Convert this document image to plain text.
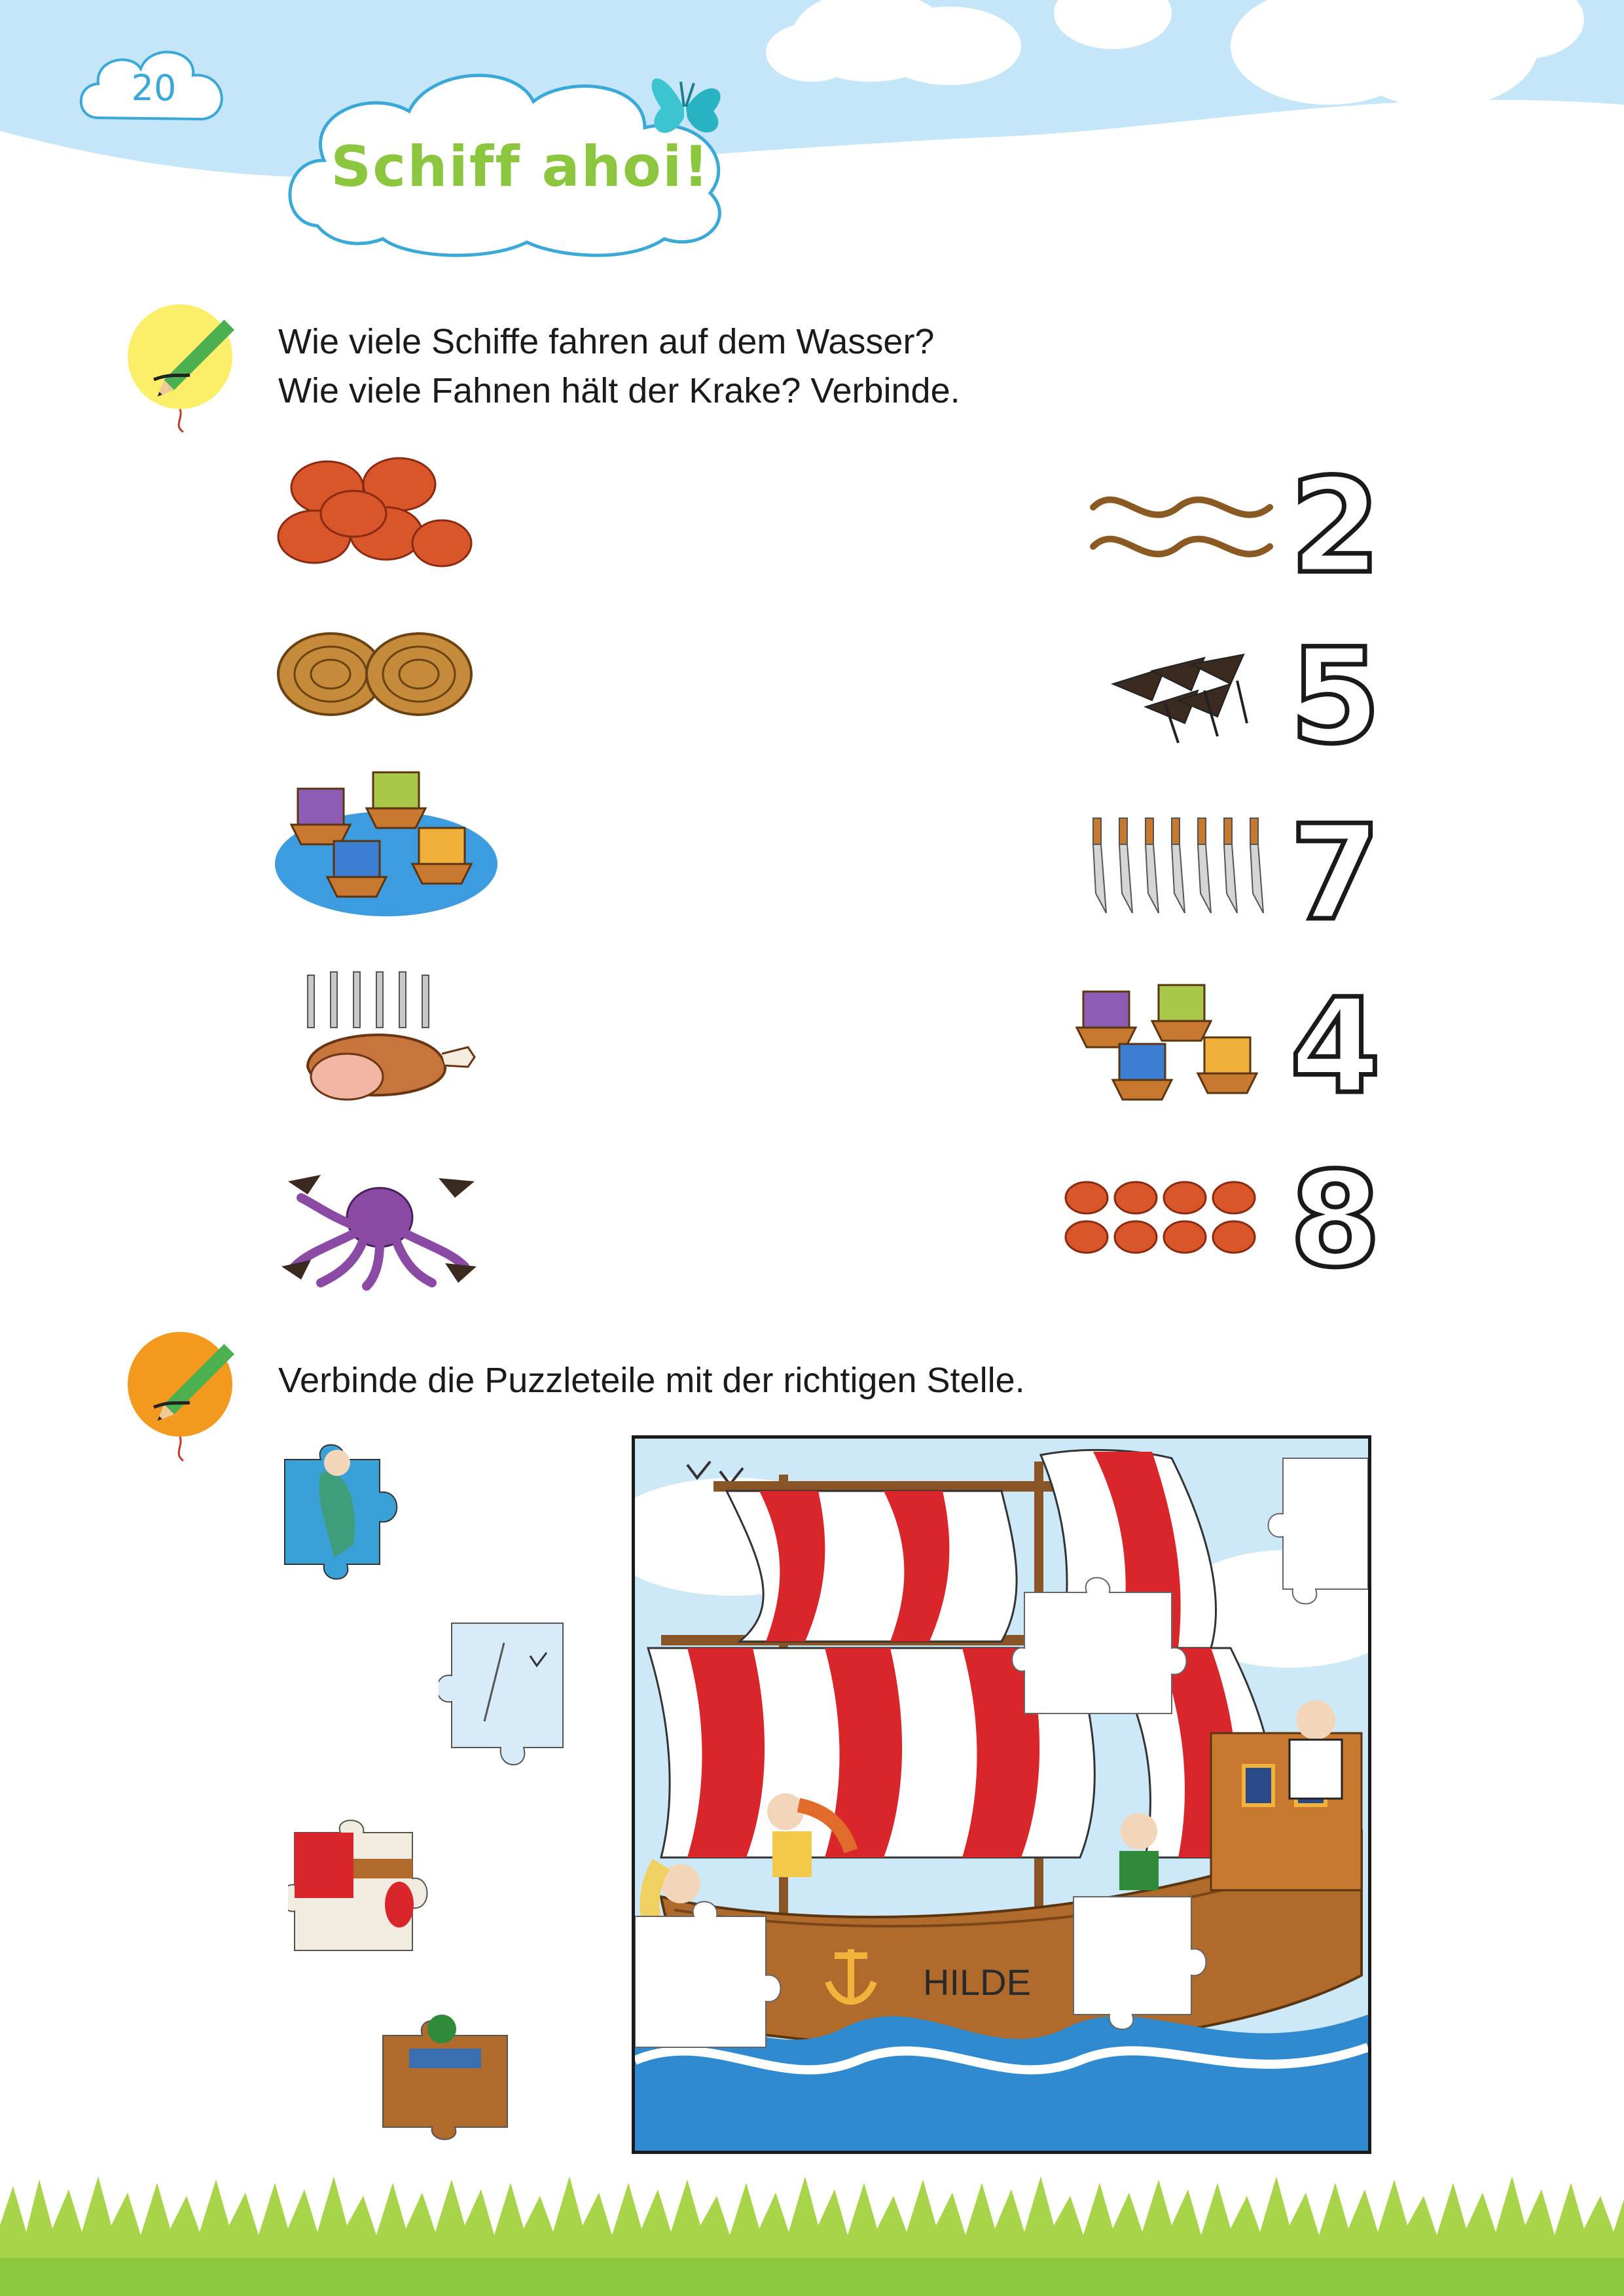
20
Schiff ahoi!
Wie viele Schiffe fahren auf dem Wasser?
Wie viele Fahnen hält der Krake? Verbinde.
2
5
7
4
8
Verbinde die Puzzleteile mit der richtigen Stelle.
HILDE
